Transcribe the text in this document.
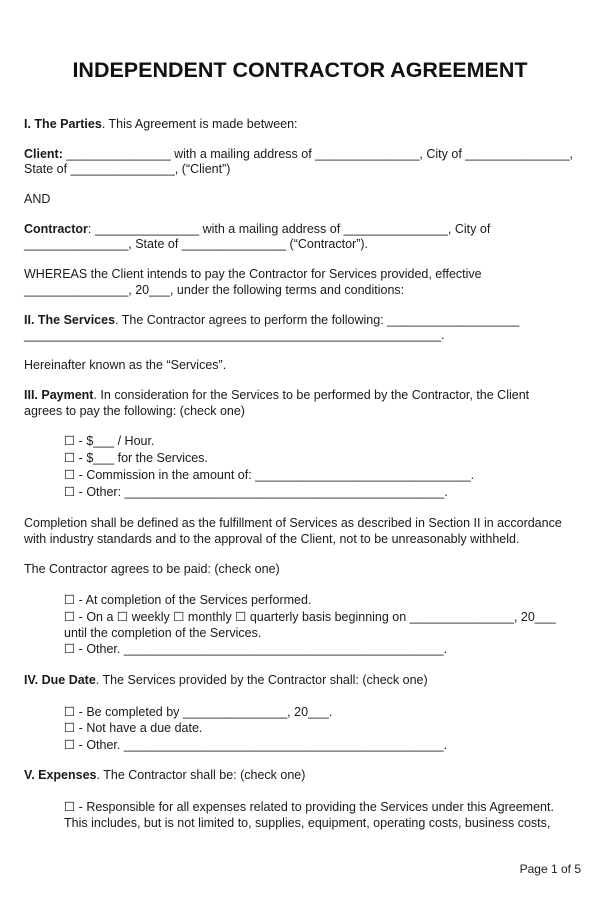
INDEPENDENT CONTRACTOR AGREEMENT

I. The Parties. This Agreement is made between:

Client: _______________ with a mailing address of _______________, City of _______________,

State of _______________, (“Client”)

AND

Contractor: _______________ with a mailing address of _______________, City of

_______________, State of _______________ (“Contractor”).

WHEREAS the Client intends to pay the Contractor for Services provided, effective

_______________, 20___, under the following terms and conditions:

II. The Services. The Contractor agrees to perform the following: ___________________

____________________________________________________________.

Hereinafter known as the “Services”.

III. Payment. In consideration for the Services to be performed by the Contractor, the Client

agrees to pay the following: (check one)

☐ - $___ / Hour.

☐ - $___ for the Services.

☐ - Commission in the amount of: _______________________________.

☐ - Other: ______________________________________________.

Completion shall be defined as the fulfillment of Services as described in Section II in accordance

with industry standards and to the approval of the Client, not to be unreasonably withheld.

The Contractor agrees to be paid: (check one)

☐ - At completion of the Services performed.

☐ - On a ☐ weekly ☐ monthly ☐ quarterly basis beginning on _______________, 20___

until the completion of the Services.

☐ - Other. ______________________________________________.

IV. Due Date. The Services provided by the Contractor shall: (check one)

☐ - Be completed by _______________, 20___.

☐ - Not have a due date.

☐ - Other. ______________________________________________.

V. Expenses. The Contractor shall be: (check one)

☐ - Responsible for all expenses related to providing the Services under this Agreement.

This includes, but is not limited to, supplies, equipment, operating costs, business costs,

Page 1 of 5
